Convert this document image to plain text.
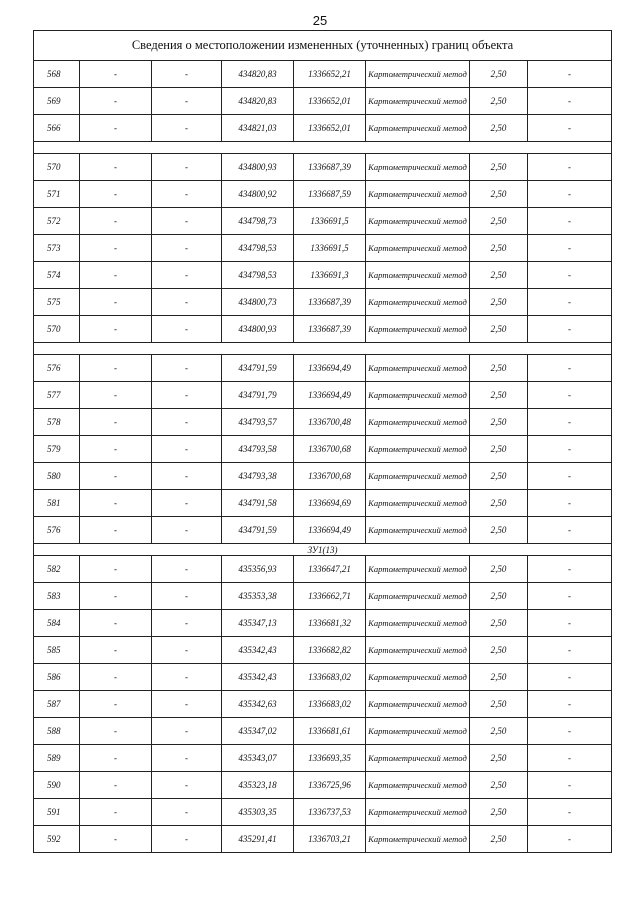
25
Сведения о местоположении измененных (уточненных) границ объекта							
568	-	-	434820,83	1336652,21	Картометрический метод	2,50	-
569	-	-	434820,83	1336652,01	Картометрический метод	2,50	-
566	-	-	434821,03	1336652,01	Картометрический метод	2,50	-

570	-	-	434800,93	1336687,39	Картометрический метод	2,50	-
571	-	-	434800,92	1336687,59	Картометрический метод	2,50	-
572	-	-	434798,73	1336691,5	Картометрический метод	2,50	-
573	-	-	434798,53	1336691,5	Картометрический метод	2,50	-
574	-	-	434798,53	1336691,3	Картометрический метод	2,50	-
575	-	-	434800,73	1336687,39	Картометрический метод	2,50	-
570	-	-	434800,93	1336687,39	Картометрический метод	2,50	-

576	-	-	434791,59	1336694,49	Картометрический метод	2,50	-
577	-	-	434791,79	1336694,49	Картометрический метод	2,50	-
578	-	-	434793,57	1336700,48	Картометрический метод	2,50	-
579	-	-	434793,58	1336700,68	Картометрический метод	2,50	-
580	-	-	434793,38	1336700,68	Картометрический метод	2,50	-
581	-	-	434791,58	1336694,69	Картометрический метод	2,50	-
576	-	-	434791,59	1336694,49	Картометрический метод	2,50	-
ЗУ1(13)							
582	-	-	435356,93	1336647,21	Картометрический метод	2,50	-
583	-	-	435353,38	1336662,71	Картометрический метод	2,50	-
584	-	-	435347,13	1336681,32	Картометрический метод	2,50	-
585	-	-	435342,43	1336682,82	Картометрический метод	2,50	-
586	-	-	435342,43	1336683,02	Картометрический метод	2,50	-
587	-	-	435342,63	1336683,02	Картометрический метод	2,50	-
588	-	-	435347,02	1336681,61	Картометрический метод	2,50	-
589	-	-	435343,07	1336693,35	Картометрический метод	2,50	-
590	-	-	435323,18	1336725,96	Картометрический метод	2,50	-
591	-	-	435303,35	1336737,53	Картометрический метод	2,50	-
592	-	-	435291,41	1336703,21	Картометрический метод	2,50	-
